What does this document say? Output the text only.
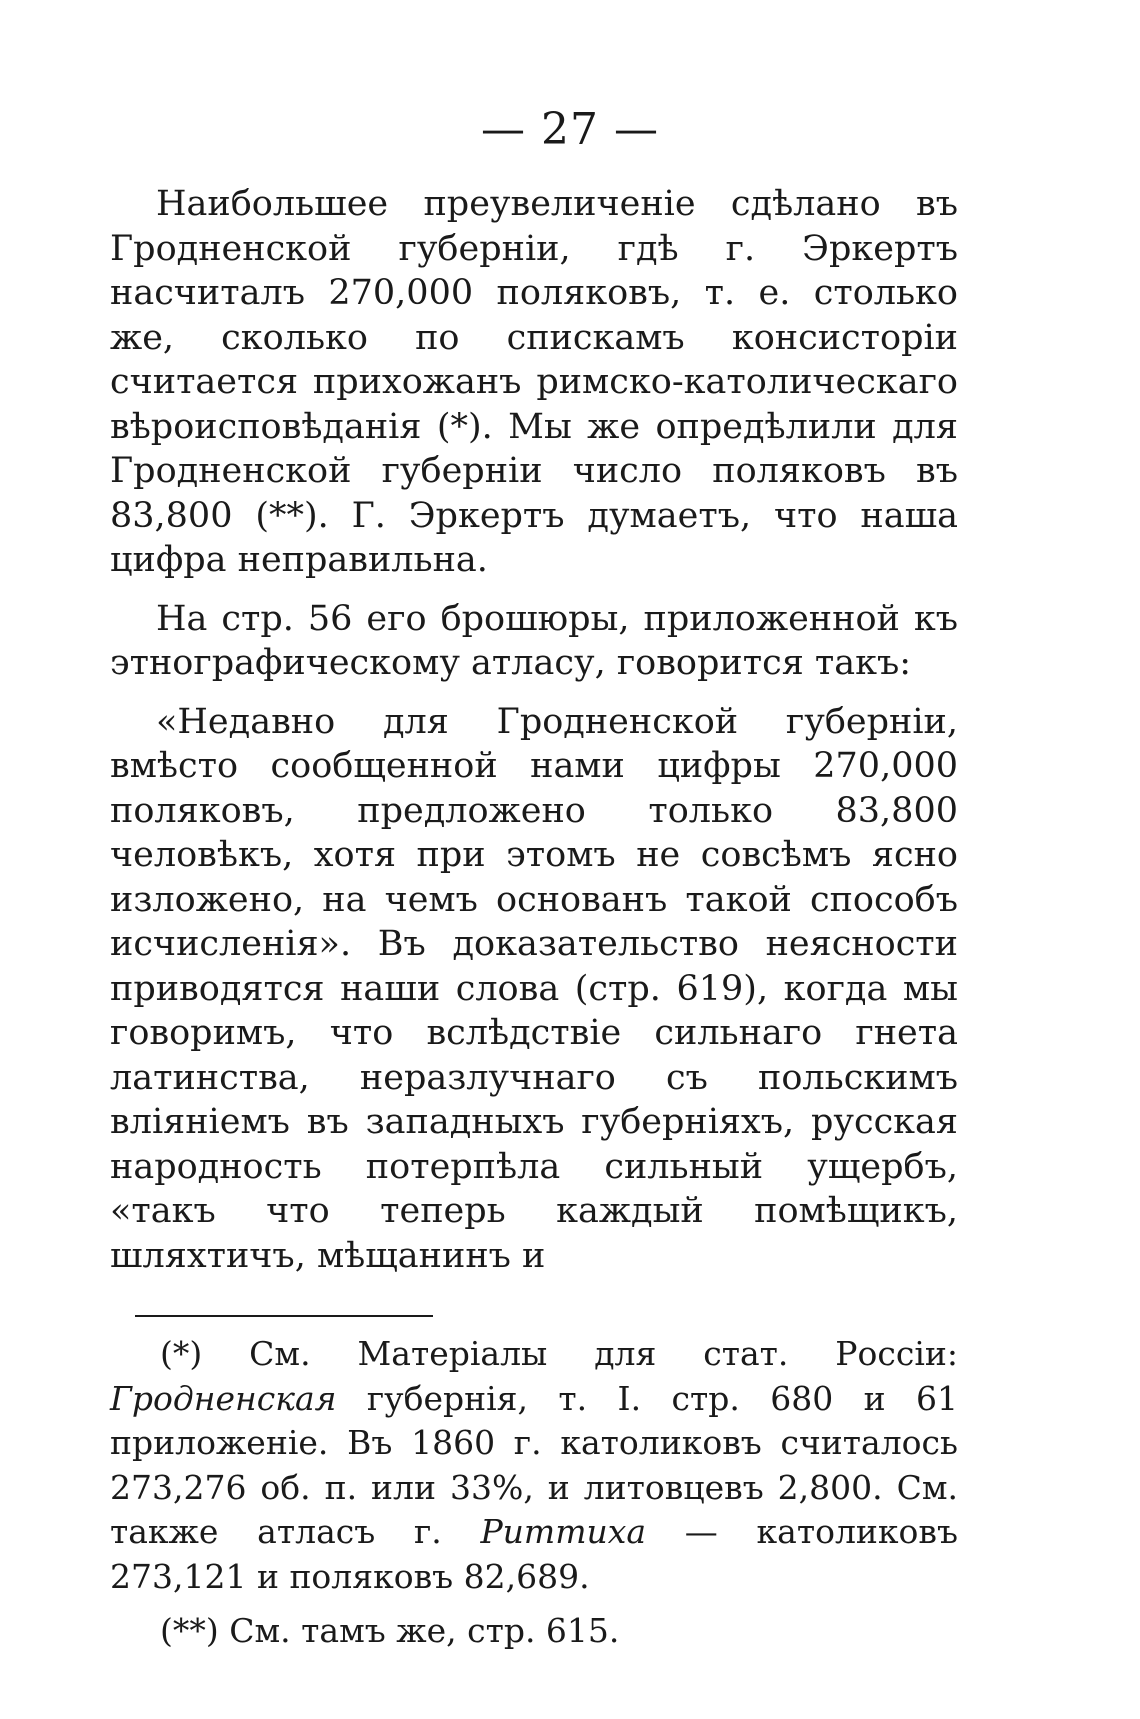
— 27 —

Наибольшее преувеличеніе сдѣлано въ Гродненской губерніи, гдѣ г. Эркертъ насчиталъ 270,000 поляковъ, т. е. столько же, сколько по спискамъ консисторіи считается прихожанъ римско-католическаго вѣроисповѣданія (*). Мы же опредѣлили для Гродненской губерніи число поляковъ въ 83,800 (**). Г. Эркертъ думаетъ, что наша цифра неправильна.

На стр. 56 его брошюры, приложенной къ этнографическому атласу, говорится такъ:

«Недавно для Гродненской губерніи, вмѣсто сообщенной нами цифры 270,000 поляковъ, предложено только 83,800 человѣкъ, хотя при этомъ не совсѣмъ ясно изложено, на чемъ основанъ такой способъ исчисленія». Въ доказательство неясности приводятся наши слова (стр. 619), когда мы говоримъ, что вслѣдствіе сильнаго гнета латинства, неразлучнаго съ польскимъ вліяніемъ въ западныхъ губерніяхъ, русская народность потерпѣла сильный ущербъ, «такъ что теперь каждый помѣщикъ, шляхтичъ, мѣщанинъ и

(*) См. Матеріалы для стат. Россіи: Гродненская губернія, т. I. стр. 680 и 61 приложеніе. Въ 1860 г. католиковъ считалось 273,276 об. п. или 33%, и литовцевъ 2,800. См. также атласъ г. Риттиха — католиковъ 273,121 и поляковъ 82,689.

(**) См. тамъ же, стр. 615.
